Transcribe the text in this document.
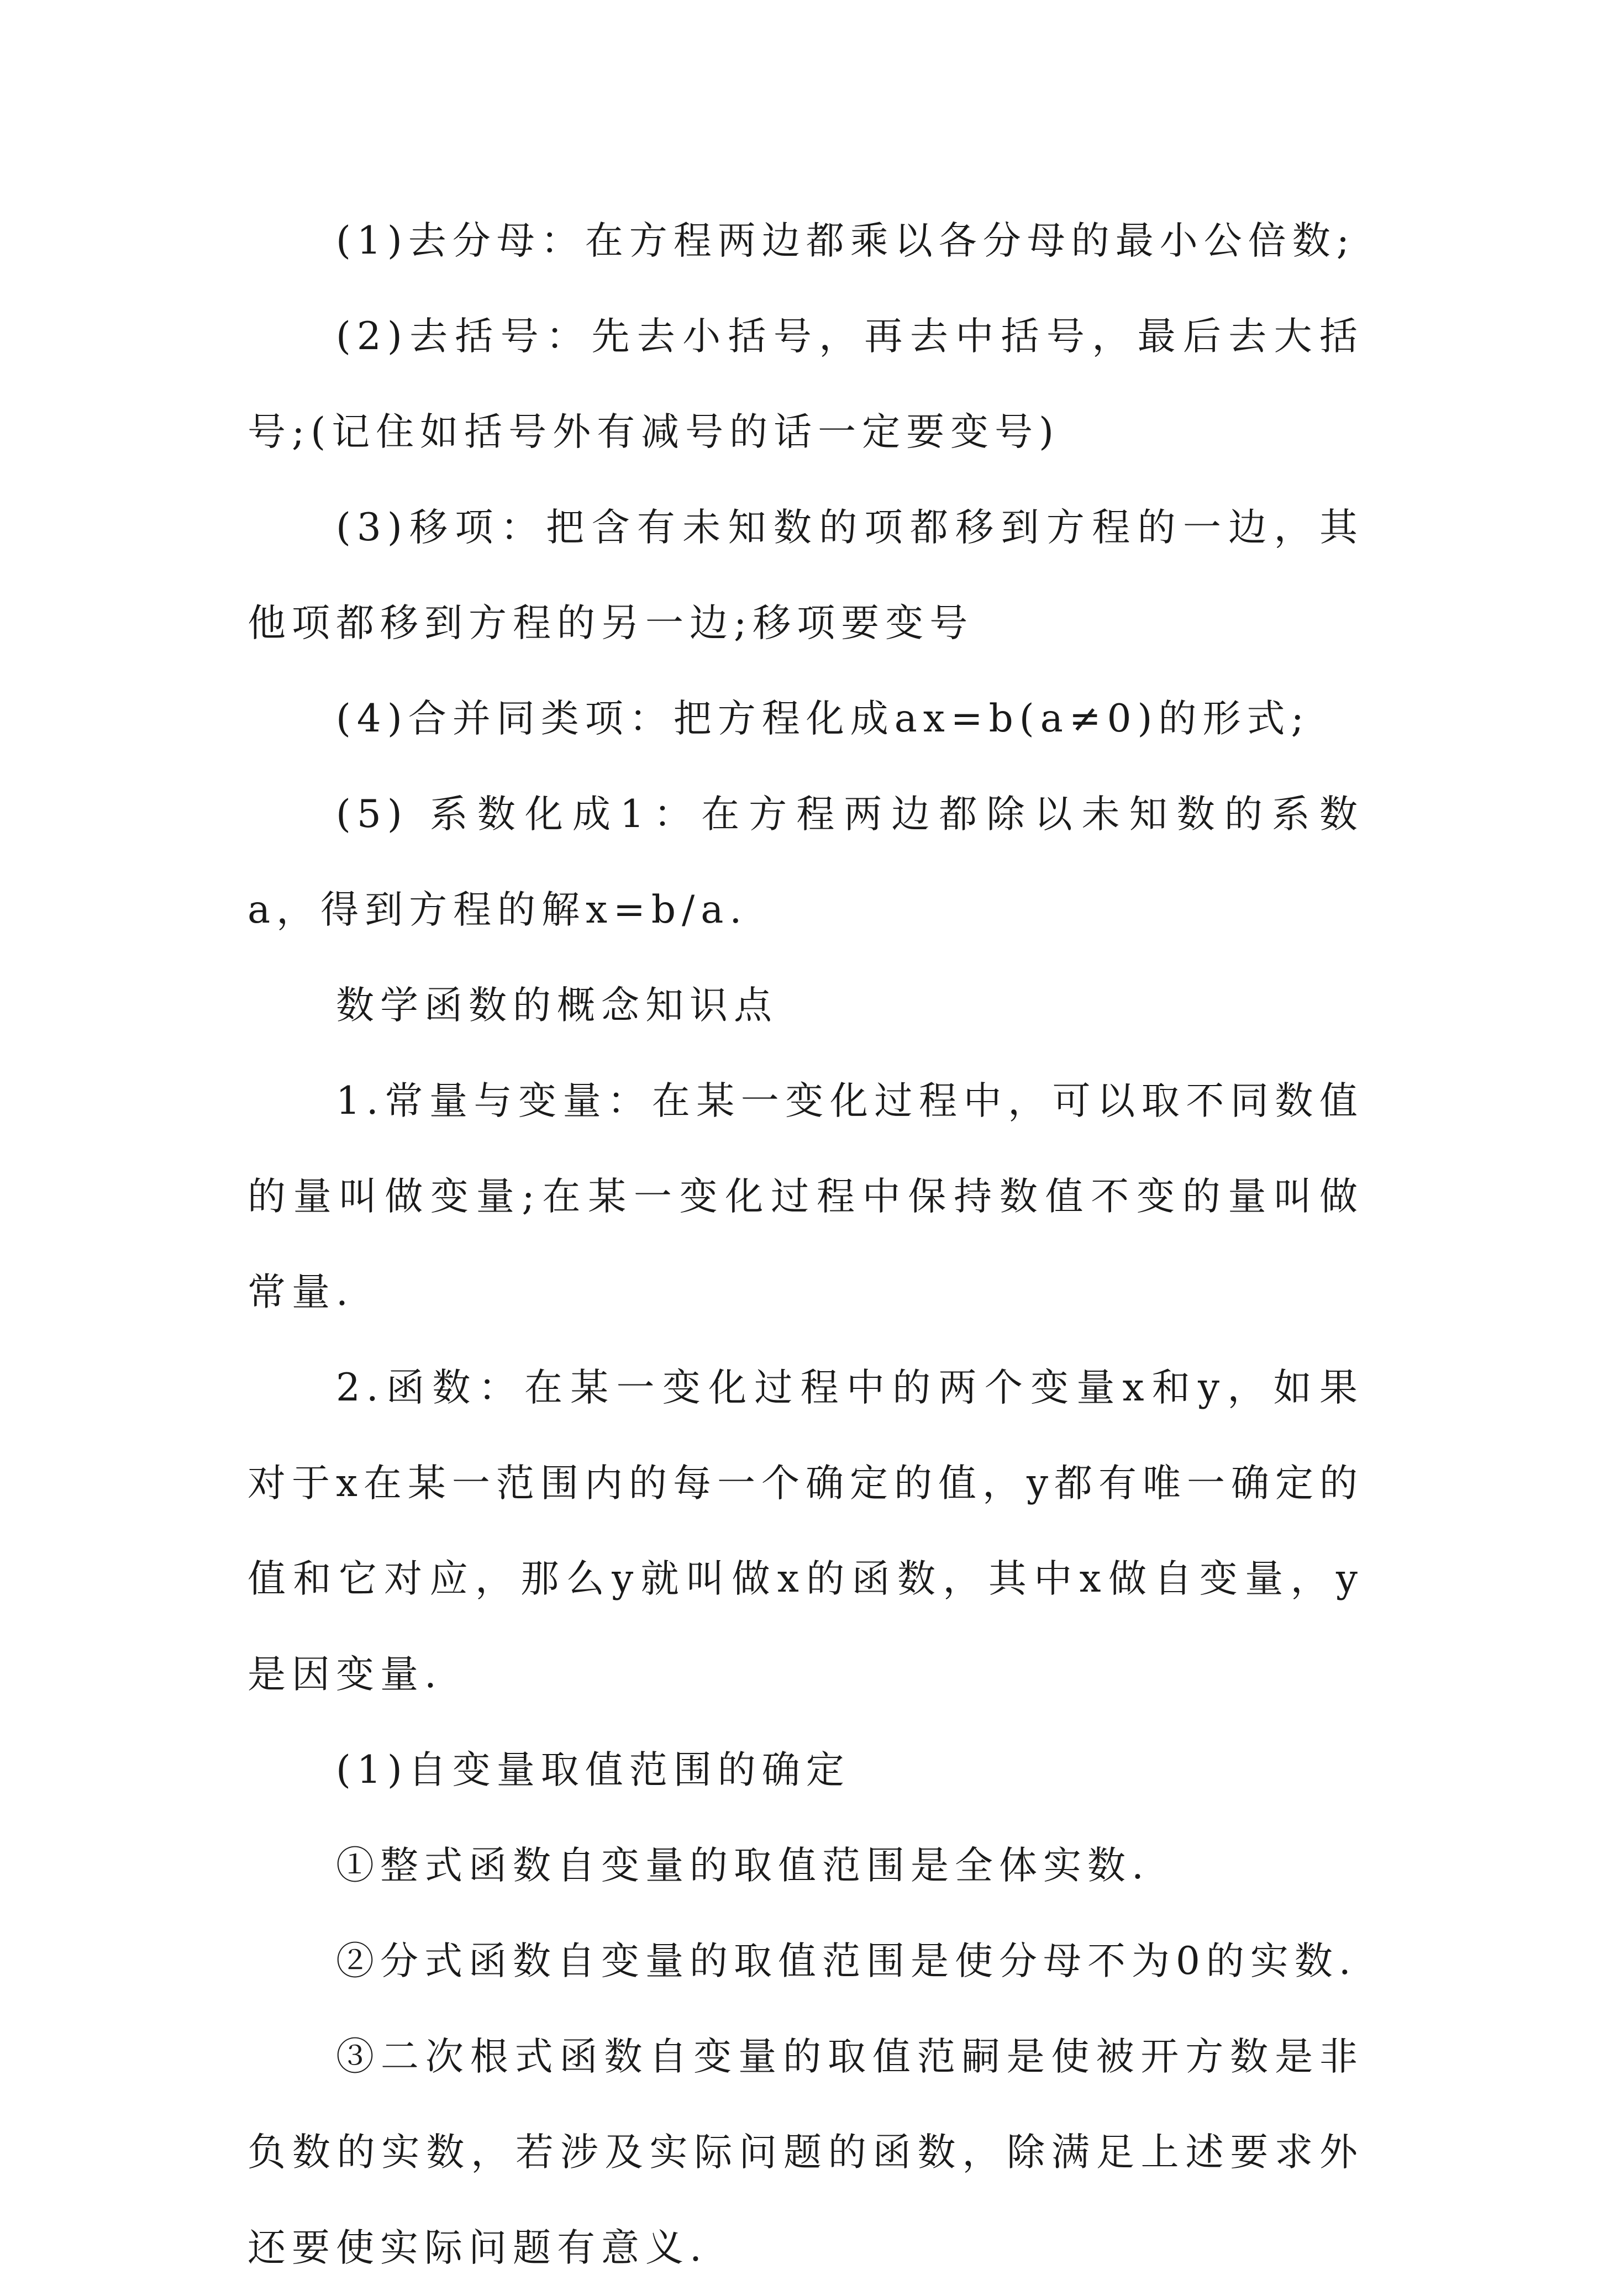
(1)去分母：在方程两边都乘以各分母的最小公倍数;

(2)去括号：先去小括号，再去中括号，最后去大括号;(记住如括号外有减号的话一定要变号)

(3)移项：把含有未知数的项都移到方程的一边，其他项都移到方程的另一边;移项要变号

(4)合并同类项：把方程化成ax=b(a≠0)的形式;

(5) 系数化成1：在方程两边都除以未知数的系数a，得到方程的解x=b/a.

数学函数的概念知识点

1.常量与变量：在某一变化过程中，可以取不同数值的量叫做变量;在某一变化过程中保持数值不变的量叫做常量.

2.函数：在某一变化过程中的两个变量x和y，如果对于x在某一范围内的每一个确定的值，y都有唯一确定的值和它对应，那么y就叫做x的函数，其中x做自变量，y是因变量.

(1)自变量取值范围的确定

①整式函数自变量的取值范围是全体实数.

②分式函数自变量的取值范围是使分母不为0的实数.

③二次根式函数自变量的取值范嗣是使被开方数是非负数的实数，若涉及实际问题的函数，除满足上述要求外还要使实际问题有意义.
